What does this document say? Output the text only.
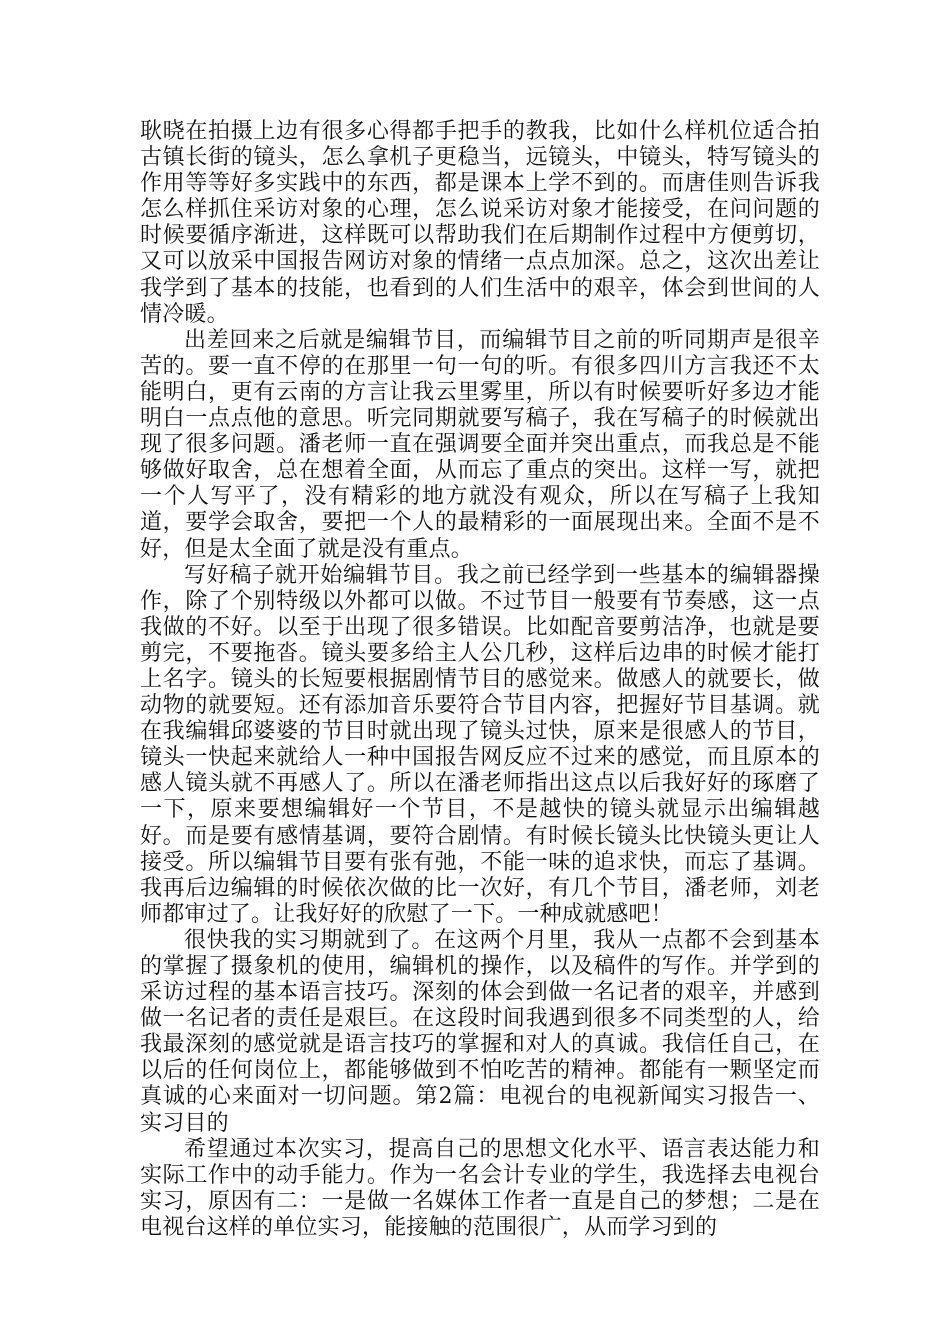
耿晓在拍摄上边有很多心得都手把手的教我，比如什么样机位适合拍古镇长街的镜头，怎么拿机子更稳当，远镜头，中镜头，特写镜头的作用等等好多实践中的东西，都是课本上学不到的。而唐佳则告诉我怎么样抓住采访对象的心理，怎么说采访对象才能接受，在问问题的时候要循序渐进，这样既可以帮助我们在后期制作过程中方便剪切，又可以放采中国报告网访对象的情绪一点点加深。总之，这次出差让我学到了基本的技能，也看到的人们生活中的艰辛，体会到世间的人情冷暖。

出差回来之后就是编辑节目，而编辑节目之前的听同期声是很辛苦的。要一直不停的在那里一句一句的听。有很多四川方言我还不太能明白，更有云南的方言让我云里雾里，所以有时候要听好多边才能明白一点点他的意思。听完同期就要写稿子，我在写稿子的时候就出现了很多问题。潘老师一直在强调要全面并突出重点，而我总是不能够做好取舍，总在想着全面，从而忘了重点的突出。这样一写，就把一个人写平了，没有精彩的地方就没有观众，所以在写稿子上我知道，要学会取舍，要把一个人的最精彩的一面展现出来。全面不是不好，但是太全面了就是没有重点。

写好稿子就开始编辑节目。我之前已经学到一些基本的编辑器操作，除了个别特级以外都可以做。不过节目一般要有节奏感，这一点我做的不好。以至于出现了很多错误。比如配音要剪洁净，也就是要剪完，不要拖沓。镜头要多给主人公几秒，这样后边串的时候才能打上名字。镜头的长短要根据剧情节目的感觉来。做感人的就要长，做动物的就要短。还有添加音乐要符合节目内容，把握好节目基调。就在我编辑邱婆婆的节目时就出现了镜头过快，原来是很感人的节目，镜头一快起来就给人一种中国报告网反应不过来的感觉，而且原本的感人镜头就不再感人了。所以在潘老师指出这点以后我好好的琢磨了一下，原来要想编辑好一个节目，不是越快的镜头就显示出编辑越好。而是要有感情基调，要符合剧情。有时候长镜头比快镜头更让人接受。所以编辑节目要有张有弛，不能一味的追求快，而忘了基调。我再后边编辑的时候依次做的比一次好，有几个节目，潘老师，刘老师都审过了。让我好好的欣慰了一下。一种成就感吧！

很快我的实习期就到了。在这两个月里，我从一点都不会到基本的掌握了摄象机的使用，编辑机的操作，以及稿件的写作。并学到的采访过程的基本语言技巧。深刻的体会到做一名记者的艰辛，并感到做一名记者的责任是艰巨。在这段时间我遇到很多不同类型的人，给我最深刻的感觉就是语言技巧的掌握和对人的真诚。我信任自己，在以后的任何岗位上，都能够做到不怕吃苦的精神。都能有一颗坚定而真诚的心来面对一切问题。第2篇：电视台的电视新闻实习报告一、实习目的

希望通过本次实习，提高自己的思想文化水平、语言表达能力和实际工作中的动手能力。作为一名会计专业的学生，我选择去电视台实习，原因有二：一是做一名媒体工作者一直是自己的梦想；二是在电视台这样的单位实习，能接触的范围很广，从而学习到的
